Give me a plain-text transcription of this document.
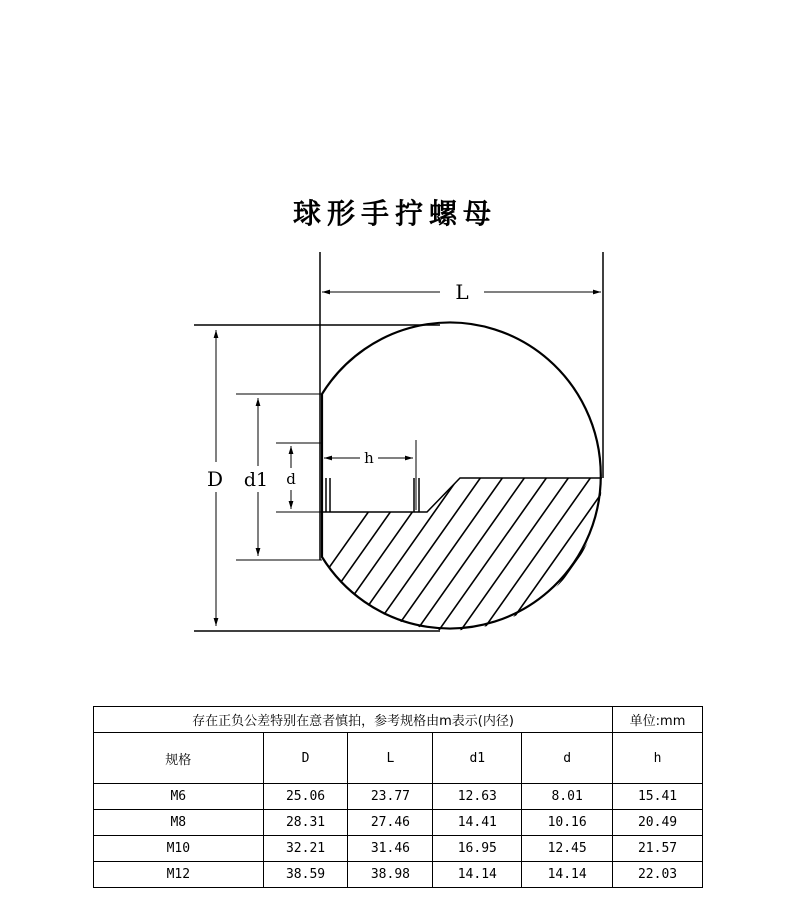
球形手拧螺母
L
D d1 d
h
存在正负公差特别在意者慎拍，参考规格由m表示(内径)					单位:mm
规格	D	L	d1	d	h
M6	25.06	23.77	12.63	8.01	15.41
M8	28.31	27.46	14.41	10.16	20.49
M10	32.21	31.46	16.95	12.45	21.57
M12	38.59	38.98	14.14	14.14	22.03
